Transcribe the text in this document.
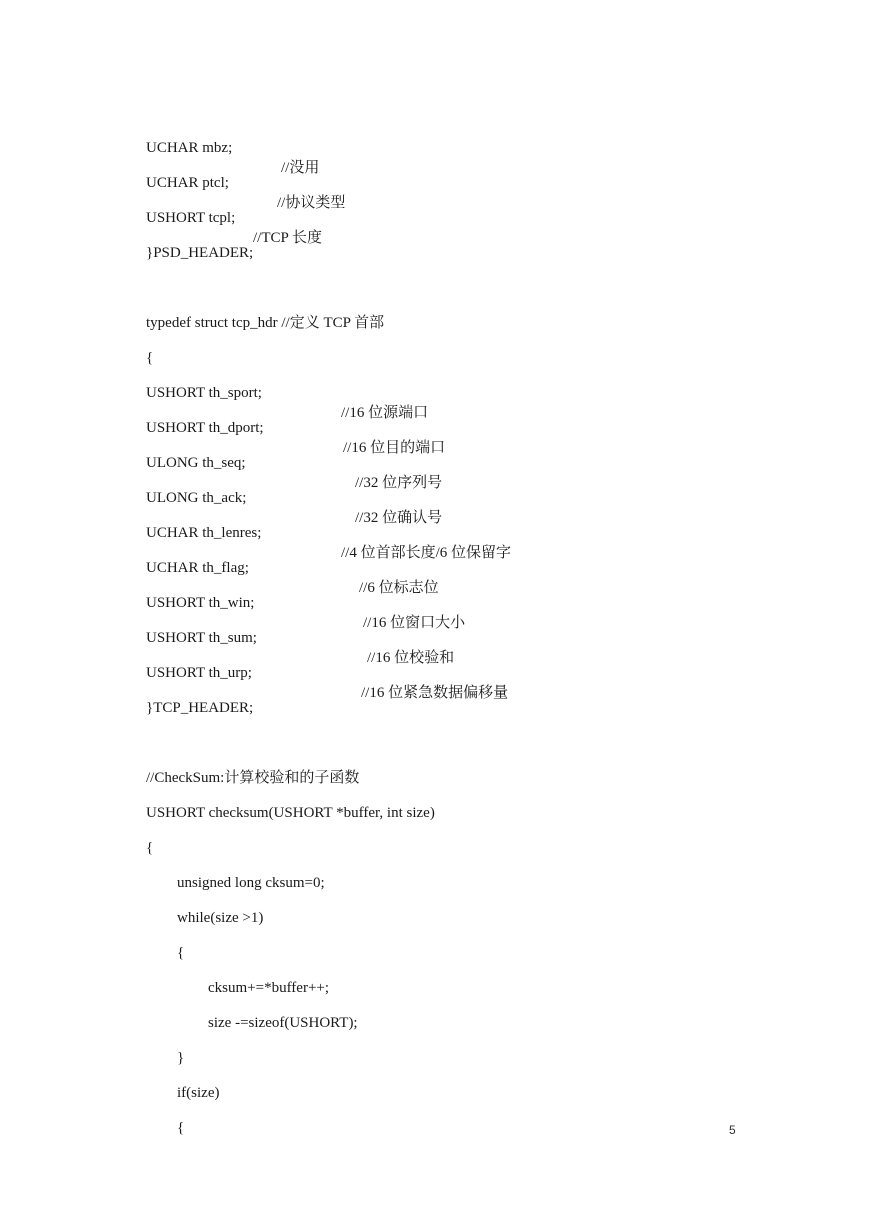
UCHAR mbz;

//没用

UCHAR ptcl;

//协议类型

USHORT tcpl;

//TCP 长度

}PSD_HEADER;

typedef struct tcp_hdr //定义 TCP 首部

{

USHORT th_sport;

//16 位源端口

USHORT th_dport;

//16 位目的端口

ULONG th_seq;

//32 位序列号

ULONG th_ack;

//32 位确认号

UCHAR th_lenres;

//4 位首部长度/6 位保留字

UCHAR th_flag;

//6 位标志位

USHORT th_win;

//16 位窗口大小

USHORT th_sum;

//16 位校验和

USHORT th_urp;

//16 位紧急数据偏移量

}TCP_HEADER;

//CheckSum:计算校验和的子函数

USHORT checksum(USHORT *buffer, int size)

{

unsigned long cksum=0;

while(size >1)

{

cksum+=*buffer++;

size -=sizeof(USHORT);

}

if(size)

{
	5
